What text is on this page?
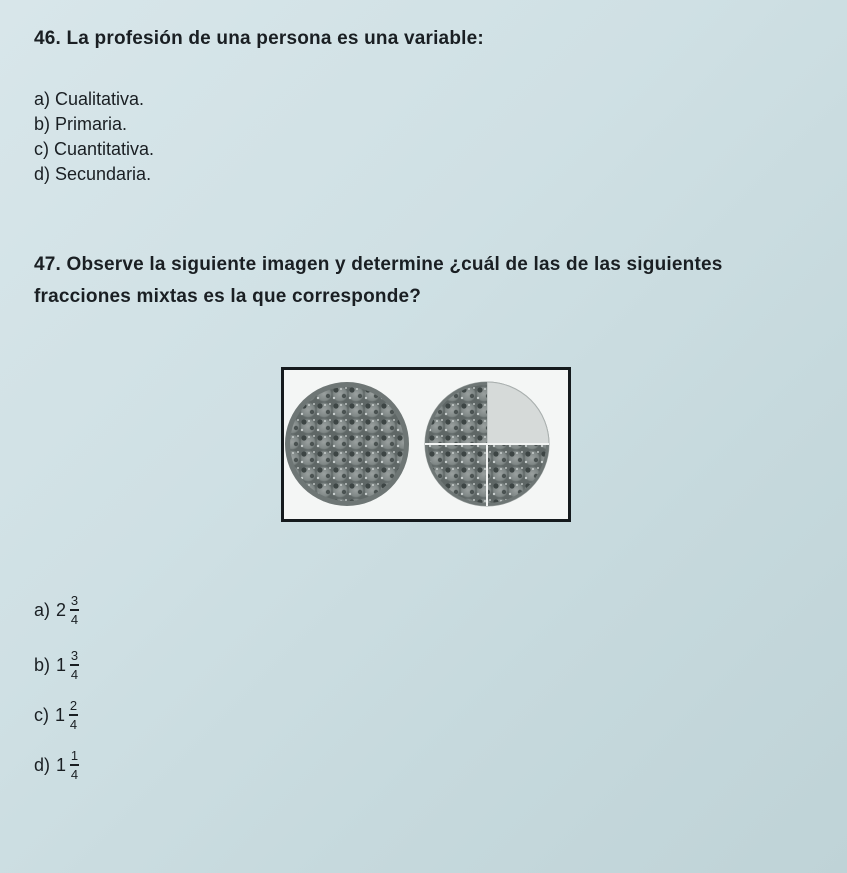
46. La profesión de una persona es una variable:
a) Cualitativa.
b) Primaria.
c) Cuantitativa.
d) Secundaria.
47. Observe la siguiente imagen y determine ¿cuál de las de las siguientes
fracciones mixtas es la que corresponde?
a) $2 \frac{3}{4}$
b) $1 \frac{3}{4}$
c) $1 \frac{2}{4}$
d) $1 \frac{1}{4}$
